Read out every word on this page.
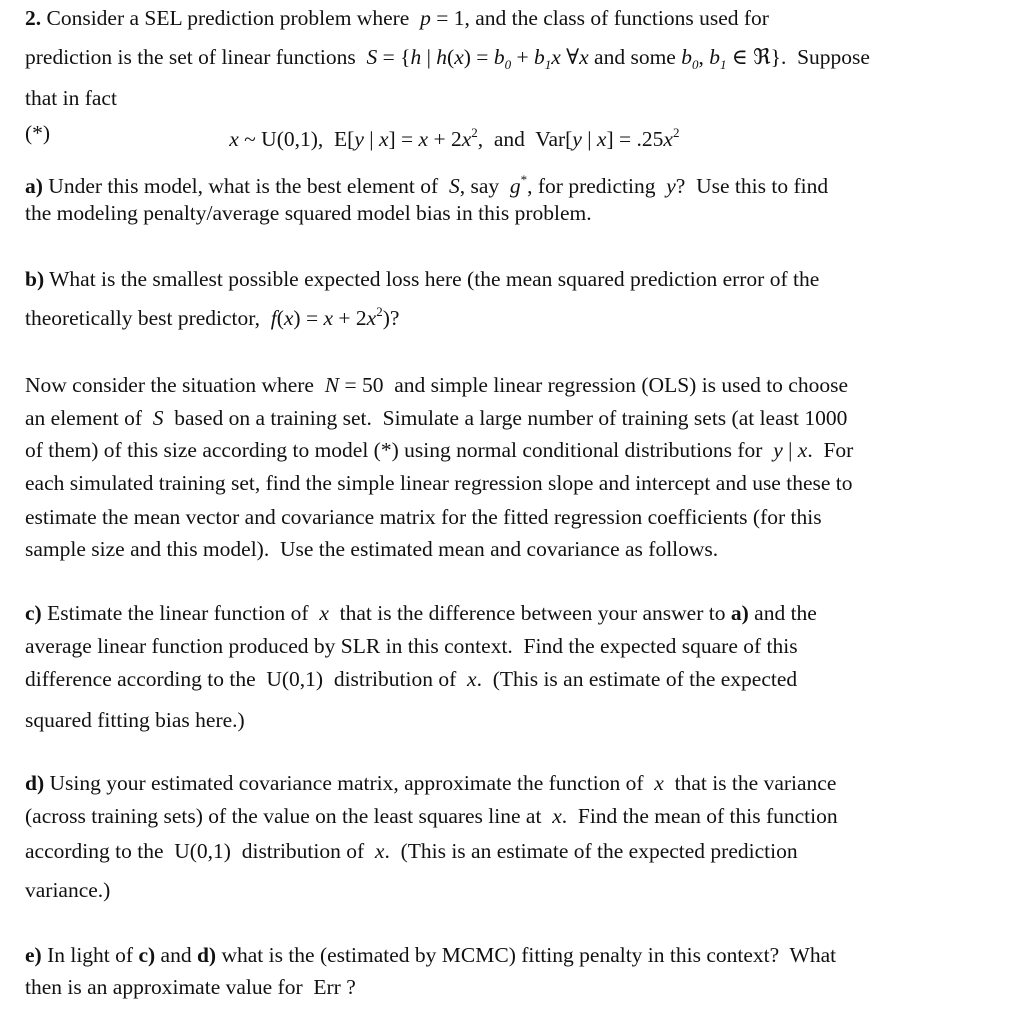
2. Consider a SEL prediction problem where  p = 1, and the class of functions used for
prediction is the set of linear functions  S = {h | $h(x) = b_0 + b_1x$ ∀x and some $b_0$, $b_1$ ∈ ℜ}.  Suppose
that in fact
x ~ U(0,1),  E[y | $x] = x + 2x^2$,  and  Var[y | $x] = .25x^2$
a) Under this model, what is the best element of  S, say  g*, for predicting  y?  Use this to find
the modeling penalty/average squared model bias in this problem.
b) What is the smallest possible expected loss here (the mean squared prediction error of the
theoretically best predictor,  $f(x) = x + 2x^2$)?
Now consider the situation where  N = 50  and simple linear regression (OLS) is used to choose
an element of  S  based on a training set.  Simulate a large number of training sets (at least 1000
of them) of this size according to model (*) using normal conditional distributions for  y | x.  For
each simulated training set, find the simple linear regression slope and intercept and use these to
estimate the mean vector and covariance matrix for the fitted regression coefficients (for this
sample size and this model).  Use the estimated mean and covariance as follows.
c) Estimate the linear function of  x  that is the difference between your answer to a) and the
average linear function produced by SLR in this context.  Find the expected square of this
difference according to the  U(0,1)  distribution of  x.  (This is an estimate of the expected
squared fitting bias here.)
d) Using your estimated covariance matrix, approximate the function of  x  that is the variance
(across training sets) of the value on the least squares line at  x.  Find the mean of this function
according to the  U(0,1)  distribution of  x.  (This is an estimate of the expected prediction
variance.)
e) In light of c) and d) what is the (estimated by MCMC) fitting penalty in this context?  What
then is an approximate value for  Err ?
(*)
